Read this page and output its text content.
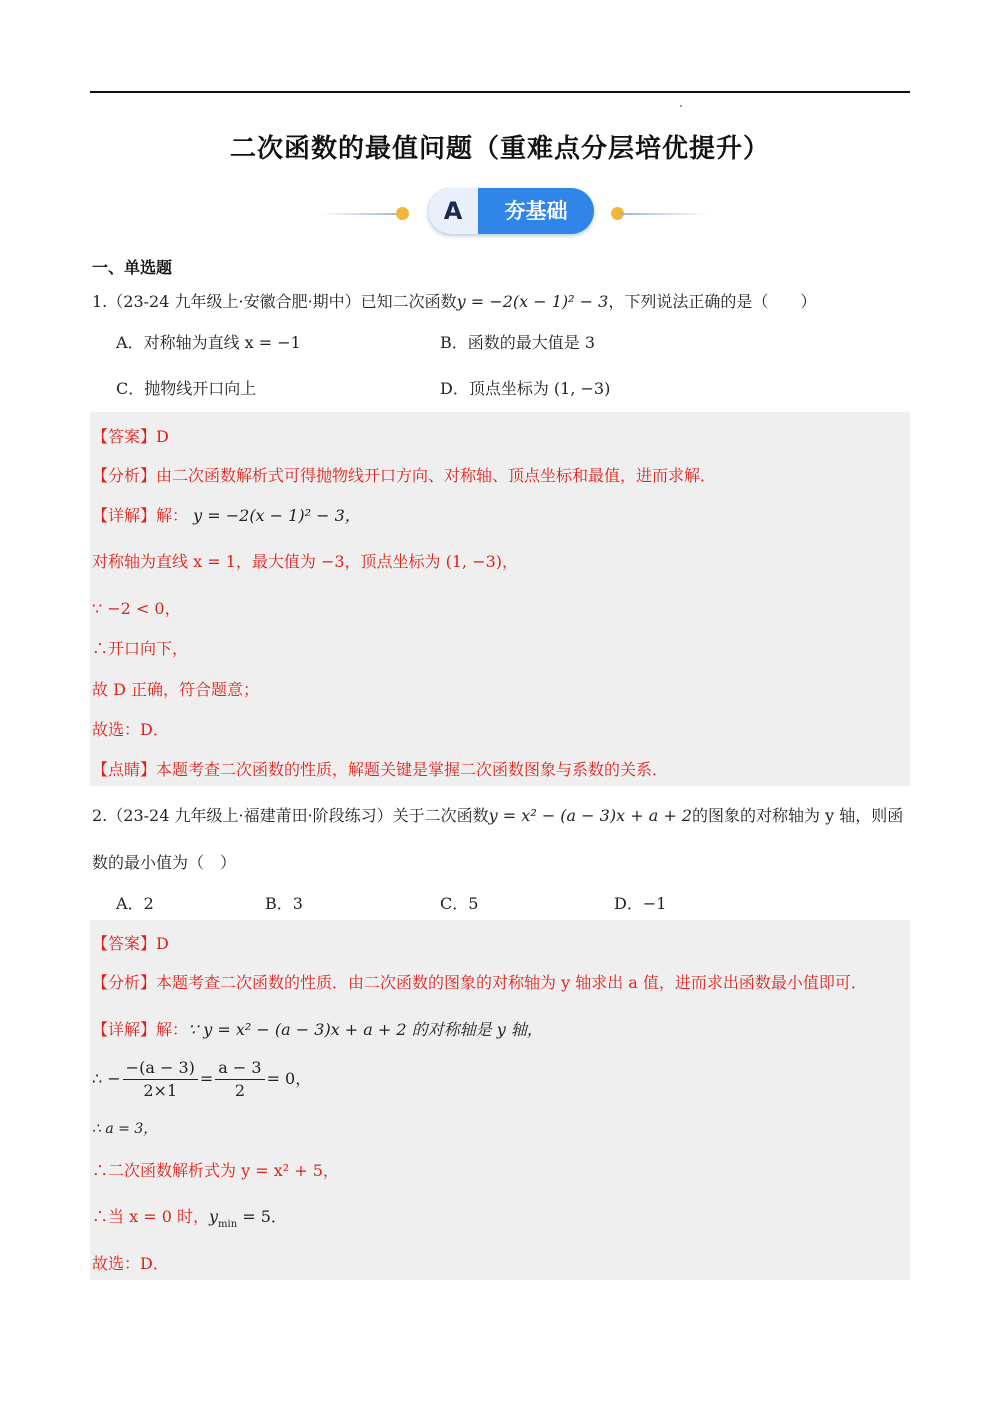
二次函数的最值问题（重难点分层培优提升）
A	夯基础
一、单选题
1.（23-24 九年级上·安徽合肥·期中）已知二次函数y = −2(x − 1)² − 3，下列说法正确的是（　　）
A．对称轴为直线 x = −1	B．函数的最大值是 3
C．抛物线开口向上	D．顶点坐标为 (1, −3)
【答案】D
【分析】由二次函数解析式可得抛物线开口方向、对称轴、顶点坐标和最值，进而求解．
【详解】解： y = −2(x − 1)² − 3，
对称轴为直线 x = 1，最大值为 −3，顶点坐标为 (1, −3)，
∵ −2 < 0，
∴开口向下，
故 D 正确，符合题意；
故选：D．
【点睛】本题考查二次函数的性质，解题关键是掌握二次函数图象与系数的关系．
2.（23-24 九年级上·福建莆田·阶段练习）关于二次函数y = x² − (a − 3)x + a + 2的图象的对称轴为 y 轴，则函
数的最小值为（　）
A．2	B．3	C．5	D．−1
【答案】D
【分析】本题考查二次函数的性质．由二次函数的图象的对称轴为 y 轴求出 a 值，进而求出函数最小值即可．
【详解】解：∵ y = x² − (a − 3)x + a + 2 的对称轴是 y 轴，
∴ − $\frac{-(a - 3)}{2\times 1} = \frac{a - 3}{2} = 0$，
∴ a = 3，
∴二次函数解析式为 y = x² + 5，
∴当 x = 0 时，$y_{min} = 5$．
故选：D．
